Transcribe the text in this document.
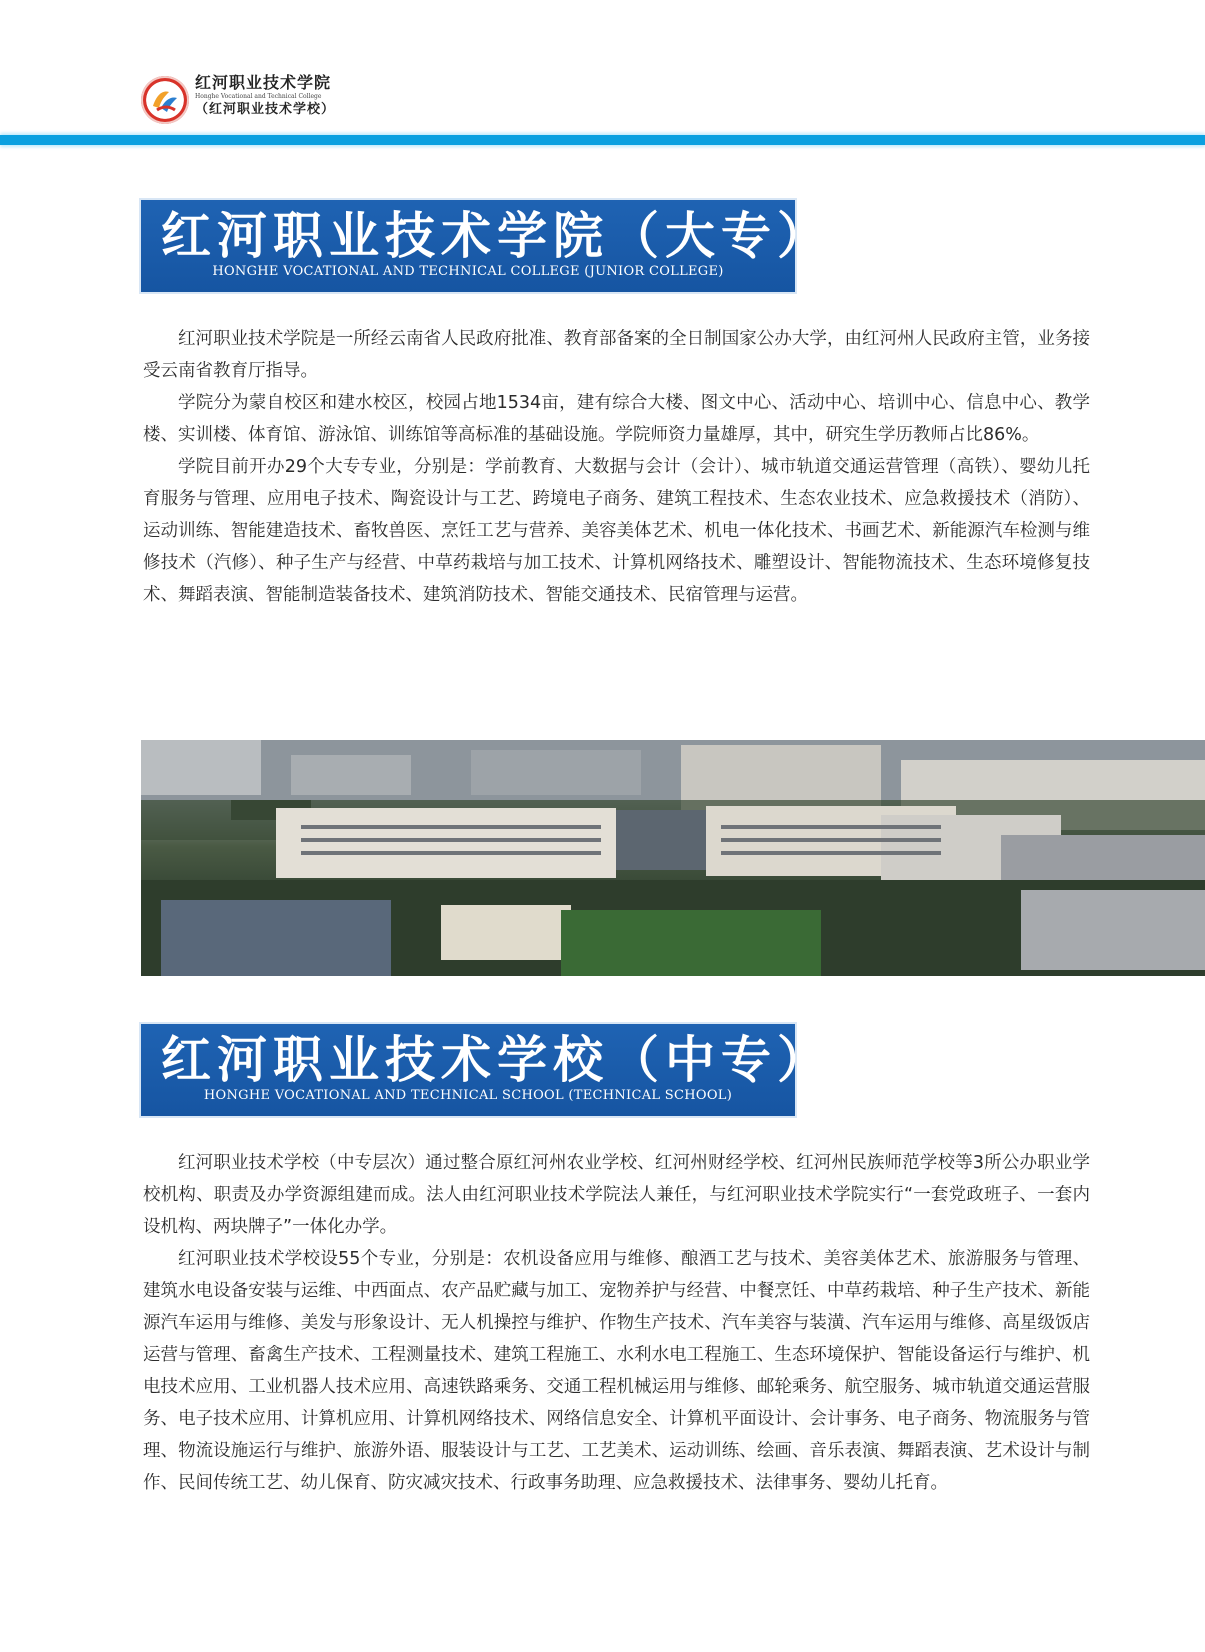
红河职业技术学院
Honghe Vocational and Technical College
（红河职业技术学校）
红河职业技术学院（大专）
HONGHE VOCATIONAL AND TECHNICAL COLLEGE (JUNIOR COLLEGE)

红河职业技术学院是一所经云南省人民政府批准、教育部备案的全日制国家公办大学，由红河州人民政府主管，业务接受云南省教育厅指导。

学院分为蒙自校区和建水校区，校园占地1534亩，建有综合大楼、图文中心、活动中心、培训中心、信息中心、教学楼、实训楼、体育馆、游泳馆、训练馆等高标准的基础设施。学院师资力量雄厚，其中，研究生学历教师占比86%。

学院目前开办29个大专专业，分别是：学前教育、大数据与会计（会计）、城市轨道交通运营管理（高铁）、婴幼儿托育服务与管理、应用电子技术、陶瓷设计与工艺、跨境电子商务、建筑工程技术、生态农业技术、应急救援技术（消防）、运动训练、智能建造技术、畜牧兽医、烹饪工艺与营养、美容美体艺术、机电一体化技术、书画艺术、新能源汽车检测与维修技术（汽修）、种子生产与经营、中草药栽培与加工技术、计算机网络技术、雕塑设计、智能物流技术、生态环境修复技术、舞蹈表演、智能制造装备技术、建筑消防技术、智能交通技术、民宿管理与运营。

红河职业技术学校（中专）
HONGHE VOCATIONAL AND TECHNICAL SCHOOL (TECHNICAL SCHOOL)

红河职业技术学校（中专层次）通过整合原红河州农业学校、红河州财经学校、红河州民族师范学校等3所公办职业学校机构、职责及办学资源组建而成。法人由红河职业技术学院法人兼任，与红河职业技术学院实行“一套党政班子、一套内设机构、两块牌子”一体化办学。

红河职业技术学校设55个专业，分别是：农机设备应用与维修、酿酒工艺与技术、美容美体艺术、旅游服务与管理、建筑水电设备安装与运维、中西面点、农产品贮藏与加工、宠物养护与经营、中餐烹饪、中草药栽培、种子生产技术、新能源汽车运用与维修、美发与形象设计、无人机操控与维护、作物生产技术、汽车美容与装潢、汽车运用与维修、高星级饭店运营与管理、畜禽生产技术、工程测量技术、建筑工程施工、水利水电工程施工、生态环境保护、智能设备运行与维护、机电技术应用、工业机器人技术应用、高速铁路乘务、交通工程机械运用与维修、邮轮乘务、航空服务、城市轨道交通运营服务、电子技术应用、计算机应用、计算机网络技术、网络信息安全、计算机平面设计、会计事务、电子商务、物流服务与管理、物流设施运行与维护、旅游外语、服装设计与工艺、工艺美术、运动训练、绘画、音乐表演、舞蹈表演、艺术设计与制作、民间传统工艺、幼儿保育、防灾减灾技术、行政事务助理、应急救援技术、法律事务、婴幼儿托育。
